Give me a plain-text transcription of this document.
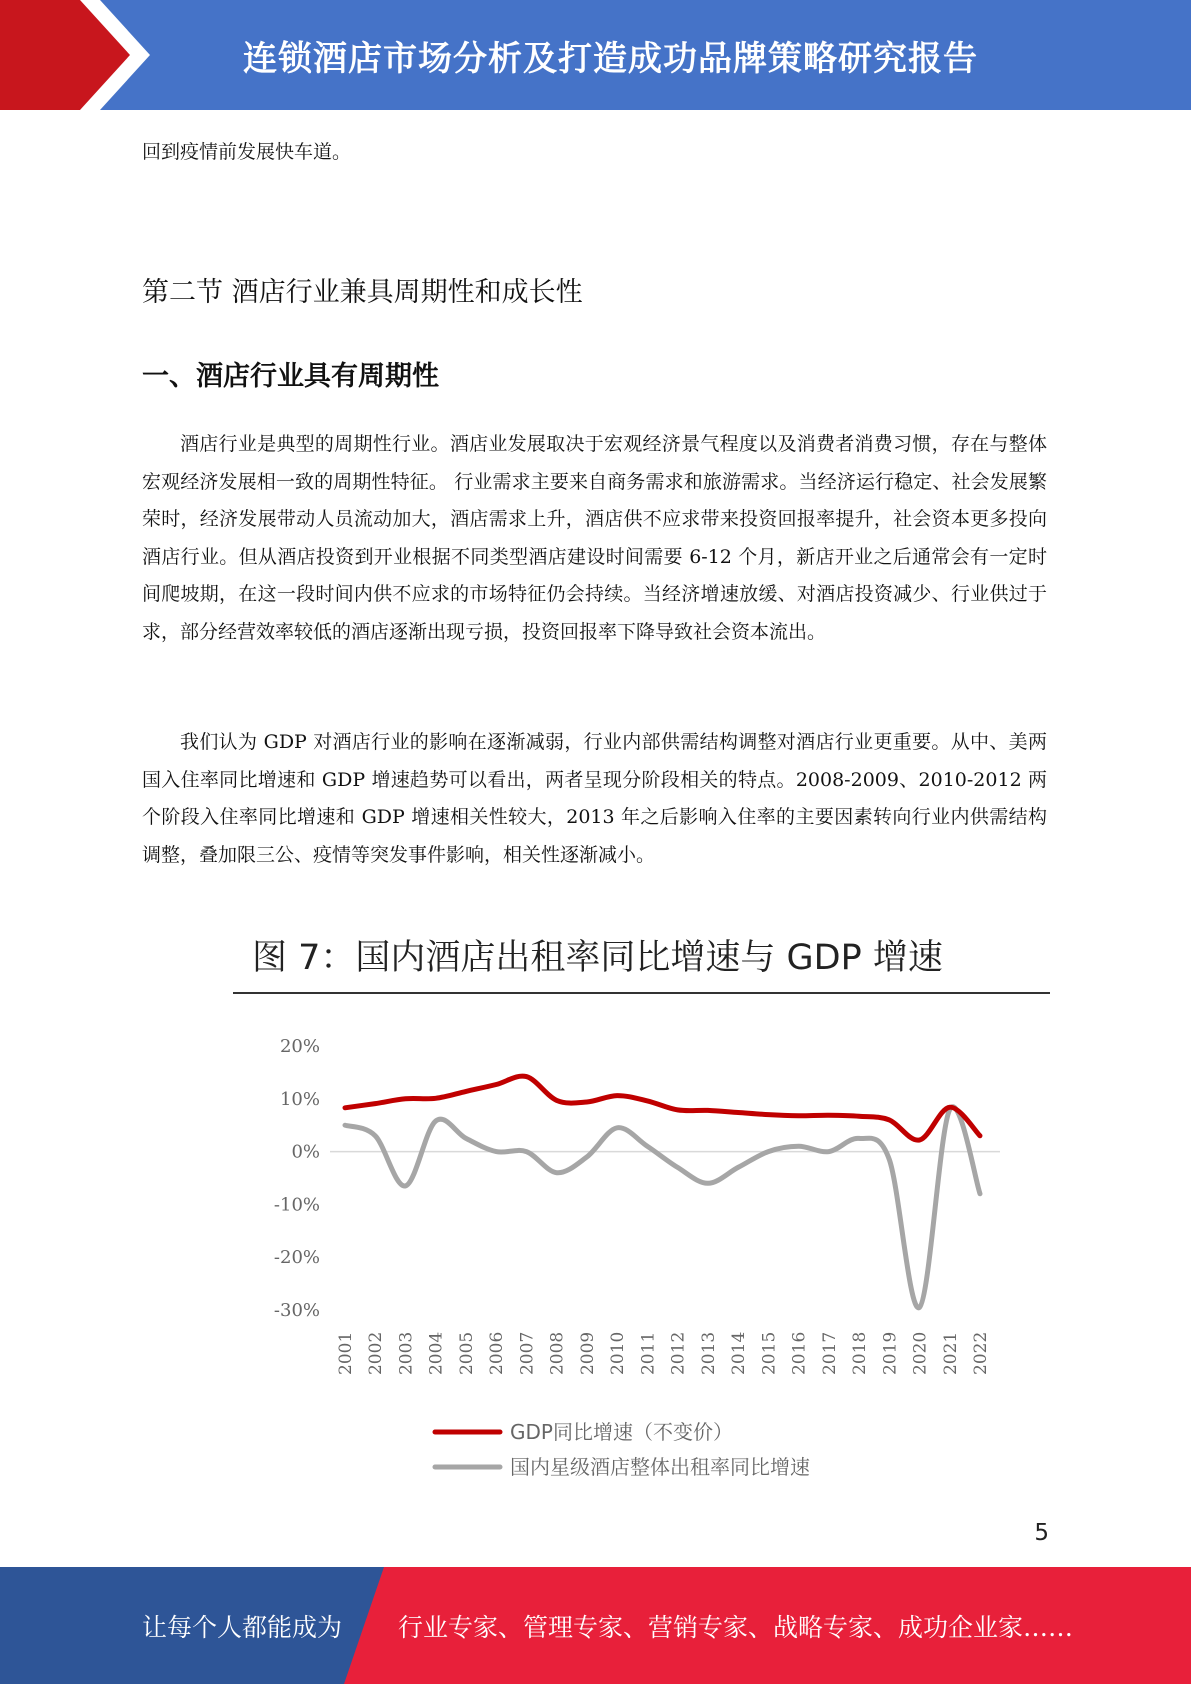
连锁酒店市场分析及打造成功品牌策略研究报告
回到疫情前发展快车道。
第二节 酒店行业兼具周期性和成长性
一、酒店行业具有周期性

酒店行业是典型的周期性行业。酒店业发展取决于宏观经济景气程度以及消费者消费习惯，存在与整体宏观经济发展相一致的周期性特征。 行业需求主要来自商务需求和旅游需求。当经济运行稳定、社会发展繁荣时，经济发展带动人员流动加大，酒店需求上升，酒店供不应求带来投资回报率提升，社会资本更多投向酒店行业。但从酒店投资到开业根据不同类型酒店建设时间需要 6-12 个月，新店开业之后通常会有一定时间爬坡期，在这一段时间内供不应求的市场特征仍会持续。当经济增速放缓、对酒店投资减少、行业供过于求，部分经营效率较低的酒店逐渐出现亏损，投资回报率下降导致社会资本流出。

我们认为 GDP 对酒店行业的影响在逐渐减弱，行业内部供需结构调整对酒店行业更重要。从中、美两国入住率同比增速和 GDP 增速趋势可以看出，两者呈现分阶段相关的特点。2008-2009、2010-2012 两个阶段入住率同比增速和 GDP 增速相关性较大，2013 年之后影响入住率的主要因素转向行业内供需结构调整，叠加限三公、疫情等突发事件影响，相关性逐渐减小。

图 7：国内酒店出租率同比增速与 GDP 增速
20%
10%
0%
-10%
-20%
-30%
2001 2002 2003 2004 2005 2006 2007 2008 2009 2010 2011 2012 2013 2014 2015 2016 2017 2018 2019 2020 2021 2022
GDP同比增速（不变价）
国内星级酒店整体出租率同比增速
5
让每个人都能成为 行业专家、管理专家、营销专家、战略专家、成功企业家……
